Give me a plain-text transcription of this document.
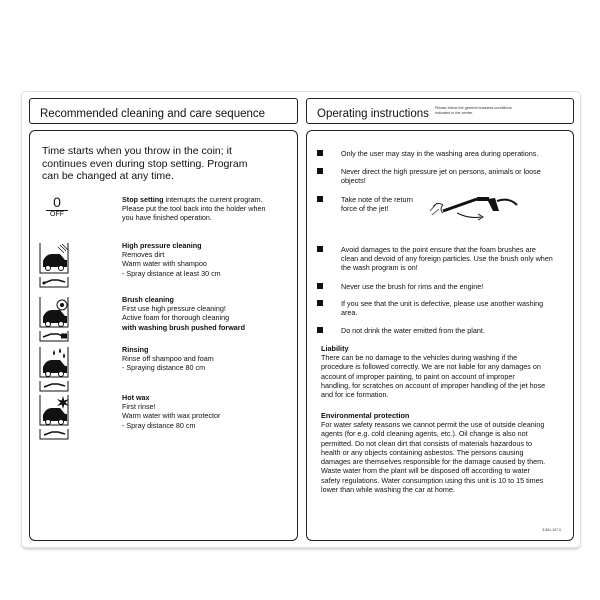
Recommended cleaning and care sequence	Operating instructions Please follow the general business conditions
indicated in the centre.
Time starts when you throw in the coin; it
continues even during stop setting. Program
can be changed at any time.
0
OFF
Stop setting interrupts the current program.
Please put the tool back into the holder when
you have finished operation.
High pressure cleaning
Removes dirt
Warm water with shampoo
- Spray distance at least 30 cm
Brush cleaning
First use high pressure cleaning!
Active foam for thorough cleaning
with washing brush pushed forward
Rinsing
Rinse off shampoo and foam
- Spraying distance 80 cm
Hot wax
First rinse!
Warm water with wax protector
- Spray distance 80 cm
Only the user may stay in the washing area during operations.
Never direct the high pressure jet on persons, animals or loose
objects!
Take note of the return
force of the jet!
Avoid damages to the point ensure that the foam brushes are
clean and devoid of any foreign particles. Use the brush only when
the wash program is on!
Never use the brush for rims and the engine!
If you see that the unit is defective, please use another washing
area.
Do not drink the water emitted from the plant.
Liability
There can be no damage to the vehicles during washing if the
procedure is followed correctly. We are not liable for any damages on
account of improper painting, to paint on account of improper
handling, for scratches on account of improper handling of the jet hose
and for ice formation.
Environmental protection
For water safety reasons we cannot permit the use of outside cleaning
agents (for e.g. cold cleaning agents, etc.). Oil change is also not
permitted. Do not clean dirt that consists of materials hazardous to
health or any objects containing asbestos. The persons causing
damages are themselves responsible for the damage caused by them.
Waste water from the plant will be disposed off according to water
safety regulations. Water consumption using this unit is 10 to 15 times
lower than while washing the car at home.
5.961-197.0
